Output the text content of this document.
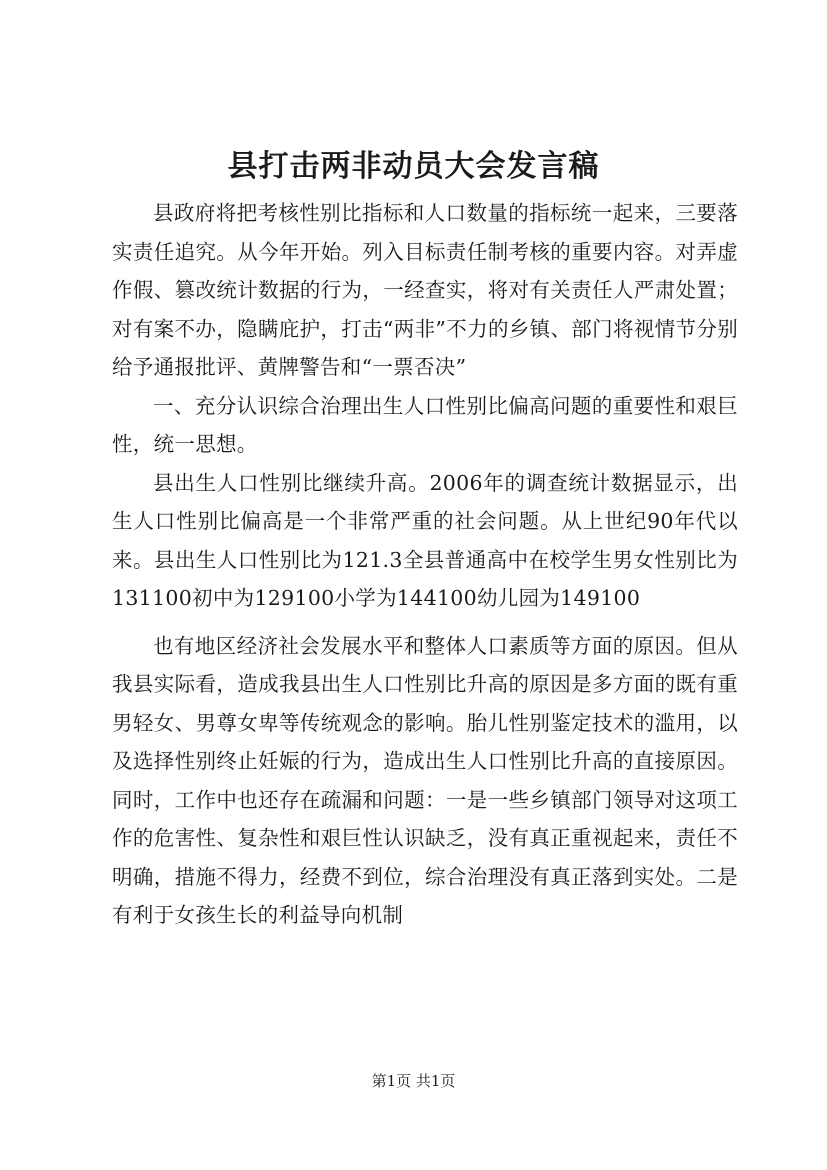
县打击两非动员大会发言稿

县政府将把考核性别比指标和人口数量的指标统一起来，三要落实责任追究。从今年开始。列入目标责任制考核的重要内容。对弄虚作假、篡改统计数据的行为，一经查实，将对有关责任人严肃处置；对有案不办，隐瞒庇护，打击“两非”不力的乡镇、部门将视情节分别给予通报批评、黄牌警告和“一票否决”

一、充分认识综合治理出生人口性别比偏高问题的重要性和艰巨性，统一思想。

县出生人口性别比继续升高。2006年的调查统计数据显示，出生人口性别比偏高是一个非常严重的社会问题。从上世纪90年代以来。县出生人口性别比为121.3全县普通高中在校学生男女性别比为131100初中为129100小学为144100幼儿园为149100

也有地区经济社会发展水平和整体人口素质等方面的原因。但从我县实际看，造成我县出生人口性别比升高的原因是多方面的既有重男轻女、男尊女卑等传统观念的影响。胎儿性别鉴定技术的滥用，以及选择性别终止妊娠的行为，造成出生人口性别比升高的直接原因。同时，工作中也还存在疏漏和问题：一是一些乡镇部门领导对这项工作的危害性、复杂性和艰巨性认识缺乏，没有真正重视起来，责任不明确，措施不得力，经费不到位，综合治理没有真正落到实处。二是有利于女孩生长的利益导向机制

第1页 共1页
